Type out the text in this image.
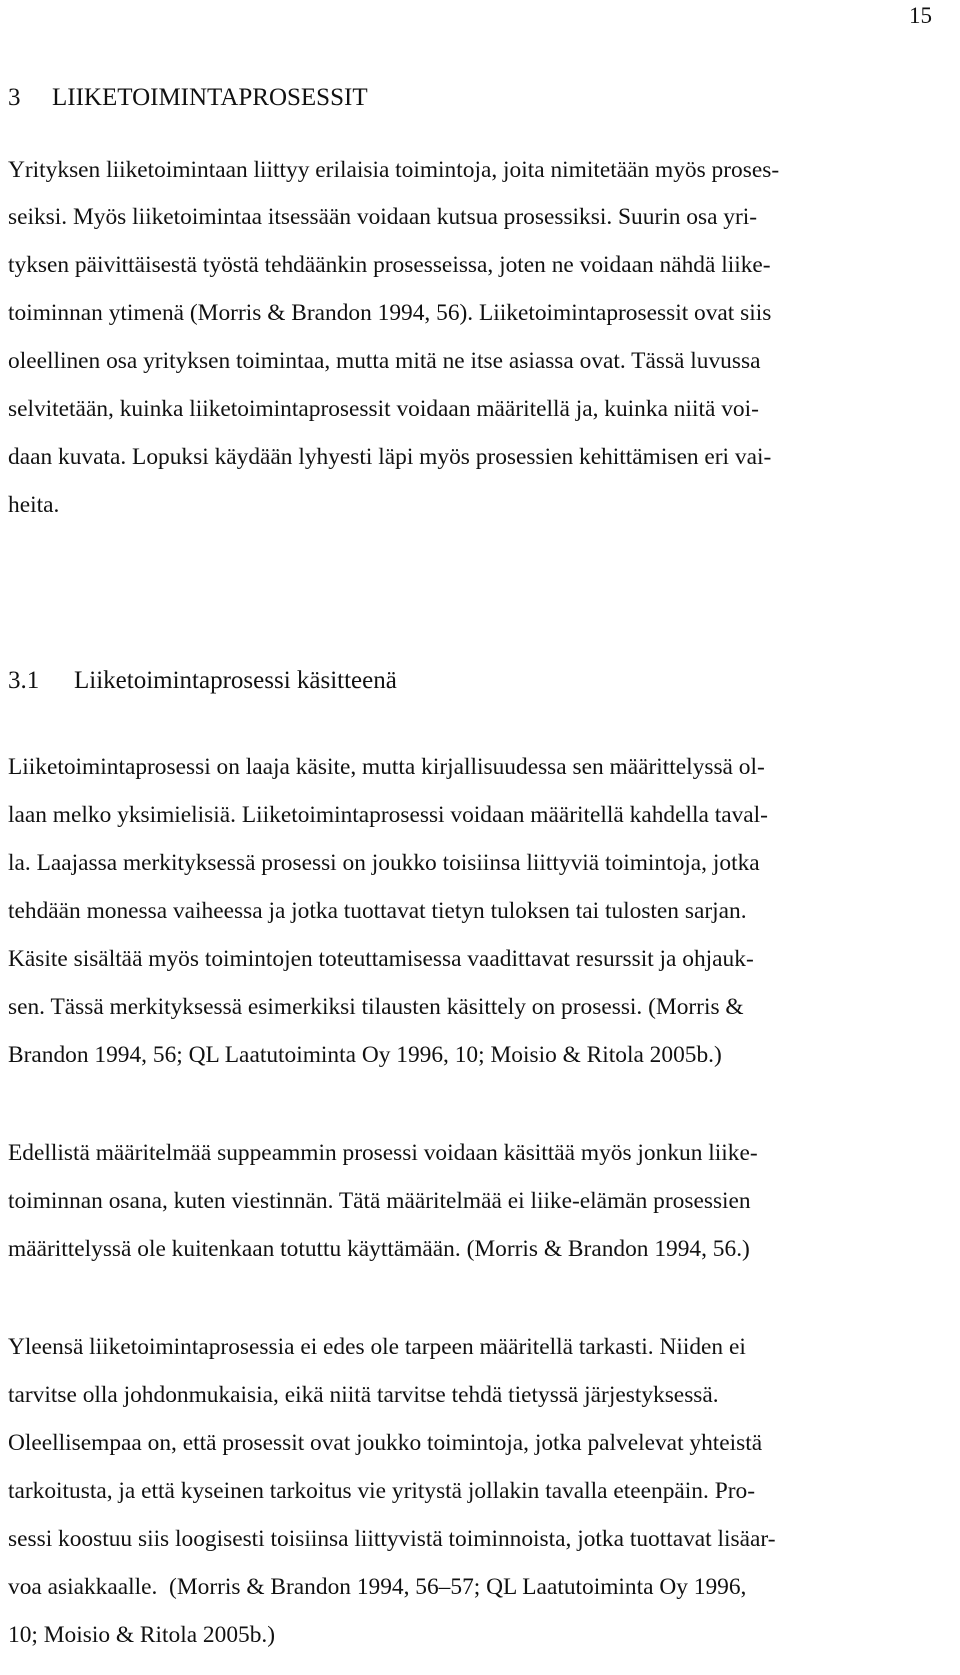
15
3 LIIKETOIMINTAPROSESSIT
Yrityksen liiketoimintaan liittyy erilaisia toimintoja, joita nimitetään myös proses-
seiksi. Myös liiketoimintaa itsessään voidaan kutsua prosessiksi. Suurin osa yri-
tyksen päivittäisestä työstä tehdäänkin prosesseissa, joten ne voidaan nähdä liike-
toiminnan ytimenä (Morris & Brandon 1994, 56). Liiketoimintaprosessit ovat siis
oleellinen osa yrityksen toimintaa, mutta mitä ne itse asiassa ovat. Tässä luvussa
selvitetään, kuinka liiketoimintaprosessit voidaan määritellä ja, kuinka niitä voi-
daan kuvata. Lopuksi käydään lyhyesti läpi myös prosessien kehittämisen eri vai-
heita.
3.1 Liiketoimintaprosessi käsitteenä
Liiketoimintaprosessi on laaja käsite, mutta kirjallisuudessa sen määrittelyssä ol-
laan melko yksimielisiä. Liiketoimintaprosessi voidaan määritellä kahdella taval-
la. Laajassa merkityksessä prosessi on joukko toisiinsa liittyviä toimintoja, jotka
tehdään monessa vaiheessa ja jotka tuottavat tietyn tuloksen tai tulosten sarjan.
Käsite sisältää myös toimintojen toteuttamisessa vaadittavat resurssit ja ohjauk-
sen. Tässä merkityksessä esimerkiksi tilausten käsittely on prosessi. (Morris &
Brandon 1994, 56; QL Laatutoiminta Oy 1996, 10; Moisio & Ritola 2005b.)
Edellistä määritelmää suppeammin prosessi voidaan käsittää myös jonkun liike-
toiminnan osana, kuten viestinnän. Tätä määritelmää ei liike-elämän prosessien
määrittelyssä ole kuitenkaan totuttu käyttämään. (Morris & Brandon 1994, 56.)
Yleensä liiketoimintaprosessia ei edes ole tarpeen määritellä tarkasti. Niiden ei
tarvitse olla johdonmukaisia, eikä niitä tarvitse tehdä tietyssä järjestyksessä.
Oleellisempaa on, että prosessit ovat joukko toimintoja, jotka palvelevat yhteistä
tarkoitusta, ja että kyseinen tarkoitus vie yritystä jollakin tavalla eteenpäin. Pro-
sessi koostuu siis loogisesti toisiinsa liittyvistä toiminnoista, jotka tuottavat lisäar-
voa asiakkaalle.  (Morris & Brandon 1994, 56–57; QL Laatutoiminta Oy 1996,
10; Moisio & Ritola 2005b.)
